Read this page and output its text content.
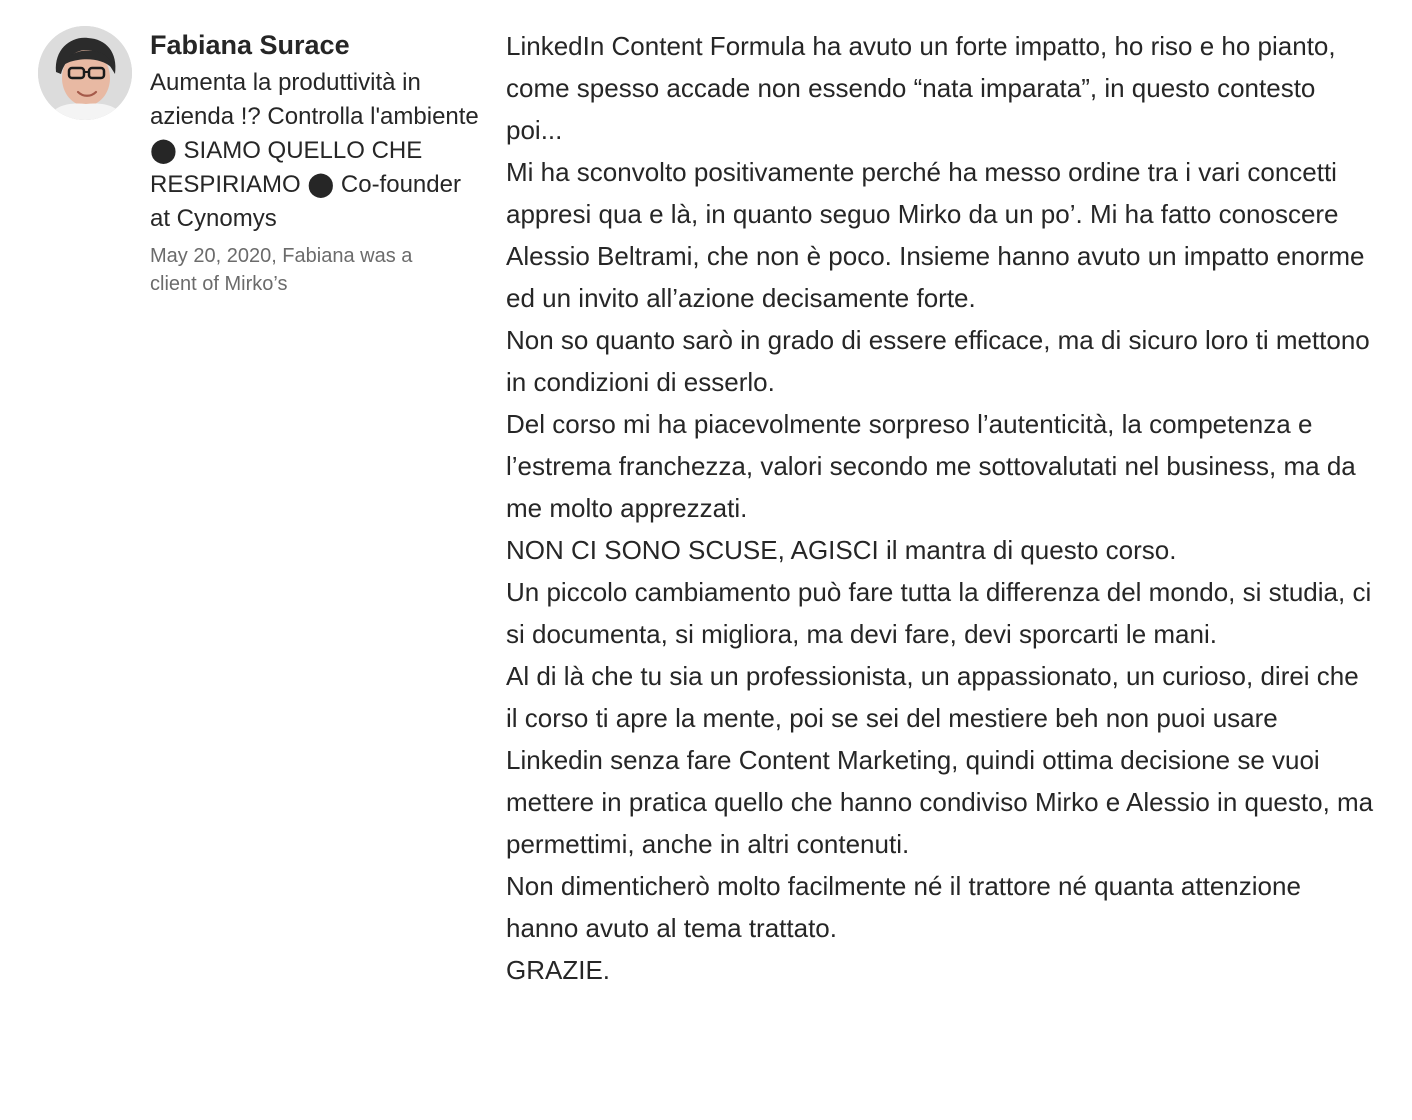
Fabiana Surace
Aumenta la produttività in azienda !? Controlla l'ambiente ⬤ SIAMO QUELLO CHE RESPIRIAMO ⬤ Co-founder at Cynomys
May 20, 2020, Fabiana was a client of Mirko’s

LinkedIn Content Formula ha avuto un forte impatto, ho riso e ho pianto, come spesso accade non essendo “nata imparata”, in questo contesto poi...

Mi ha sconvolto positivamente perché ha messo ordine tra i vari concetti appresi qua e là, in quanto seguo Mirko da un po’. Mi ha fatto conoscere Alessio Beltrami, che non è poco. Insieme hanno avuto un impatto enorme ed un invito all’azione decisamente forte.

Non so quanto sarò in grado di essere efficace, ma di sicuro loro ti mettono in condizioni di esserlo.

Del corso mi ha piacevolmente sorpreso l’autenticità, la competenza e l’estrema franchezza, valori secondo me sottovalutati nel business, ma da me molto apprezzati.

NON CI SONO SCUSE, AGISCI il mantra di questo corso.

Un piccolo cambiamento può fare tutta la differenza del mondo, si studia, ci si documenta, si migliora, ma devi fare, devi sporcarti le mani.

Al di là che tu sia un professionista, un appassionato, un curioso, direi che il corso ti apre la mente, poi se sei del mestiere beh non puoi usare Linkedin senza fare Content Marketing, quindi ottima decisione se vuoi mettere in pratica quello che hanno condiviso Mirko e Alessio in questo, ma permettimi, anche in altri contenuti.

Non dimenticherò molto facilmente né il trattore né quanta attenzione hanno avuto al tema trattato.

GRAZIE.
